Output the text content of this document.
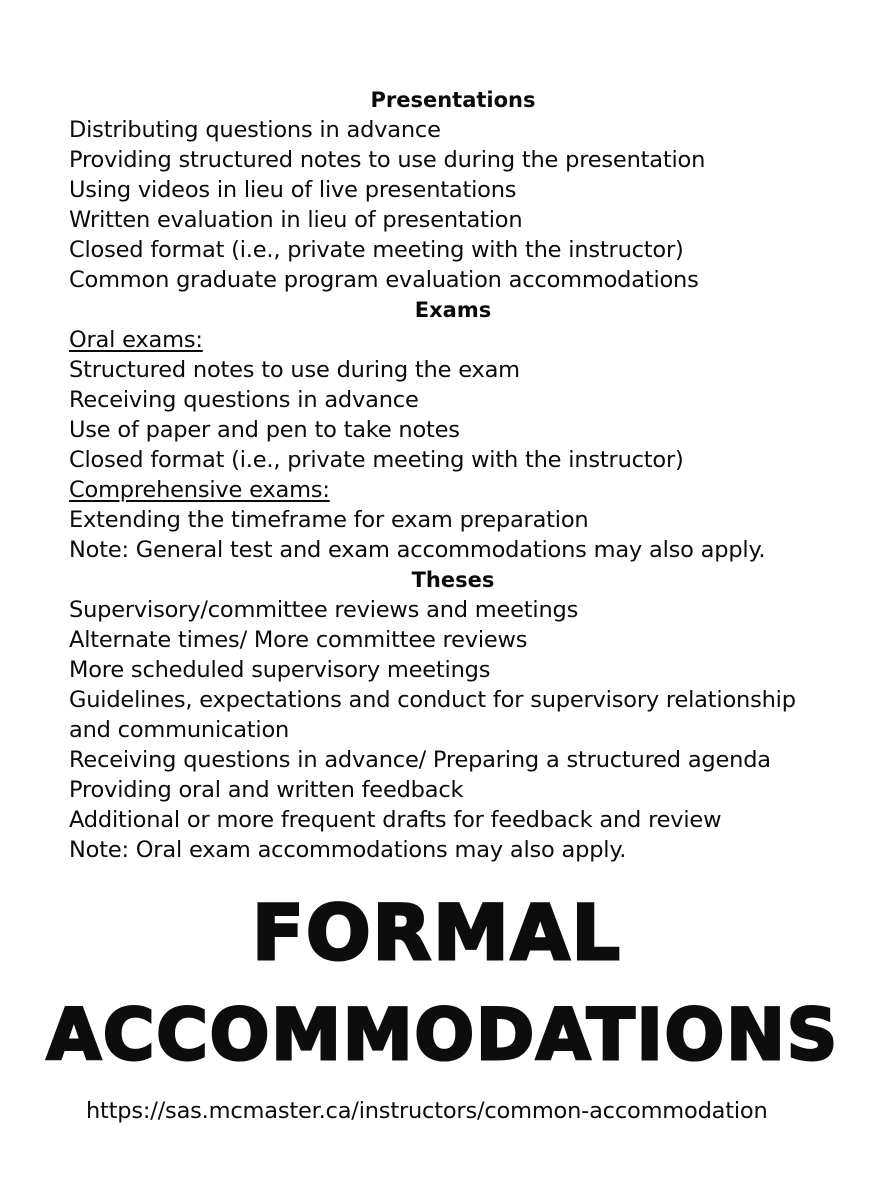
Presentations
Distributing questions in advance
Providing structured notes to use during the presentation
Using videos in lieu of live presentations
Written evaluation in lieu of presentation
Closed format (i.e., private meeting with the instructor)
Common graduate program evaluation accommodations
Exams
Oral exams:
Structured notes to use during the exam
Receiving questions in advance
Use of paper and pen to take notes
Closed format (i.e., private meeting with the instructor)
Comprehensive exams:
Extending the timeframe for exam preparation
Note: General test and exam accommodations may also apply.
Theses
Supervisory/committee reviews and meetings
Alternate times/ More committee reviews
More scheduled supervisory meetings
Guidelines, expectations and conduct for supervisory relationship and communication
Receiving questions in advance/ Preparing a structured agenda
Providing oral and written feedback
Additional or more frequent drafts for feedback and review
Note: Oral exam accommodations may also apply.
FORMAL
ACCOMMODATIONS
https://sas.mcmaster.ca/instructors/common-accommodation
